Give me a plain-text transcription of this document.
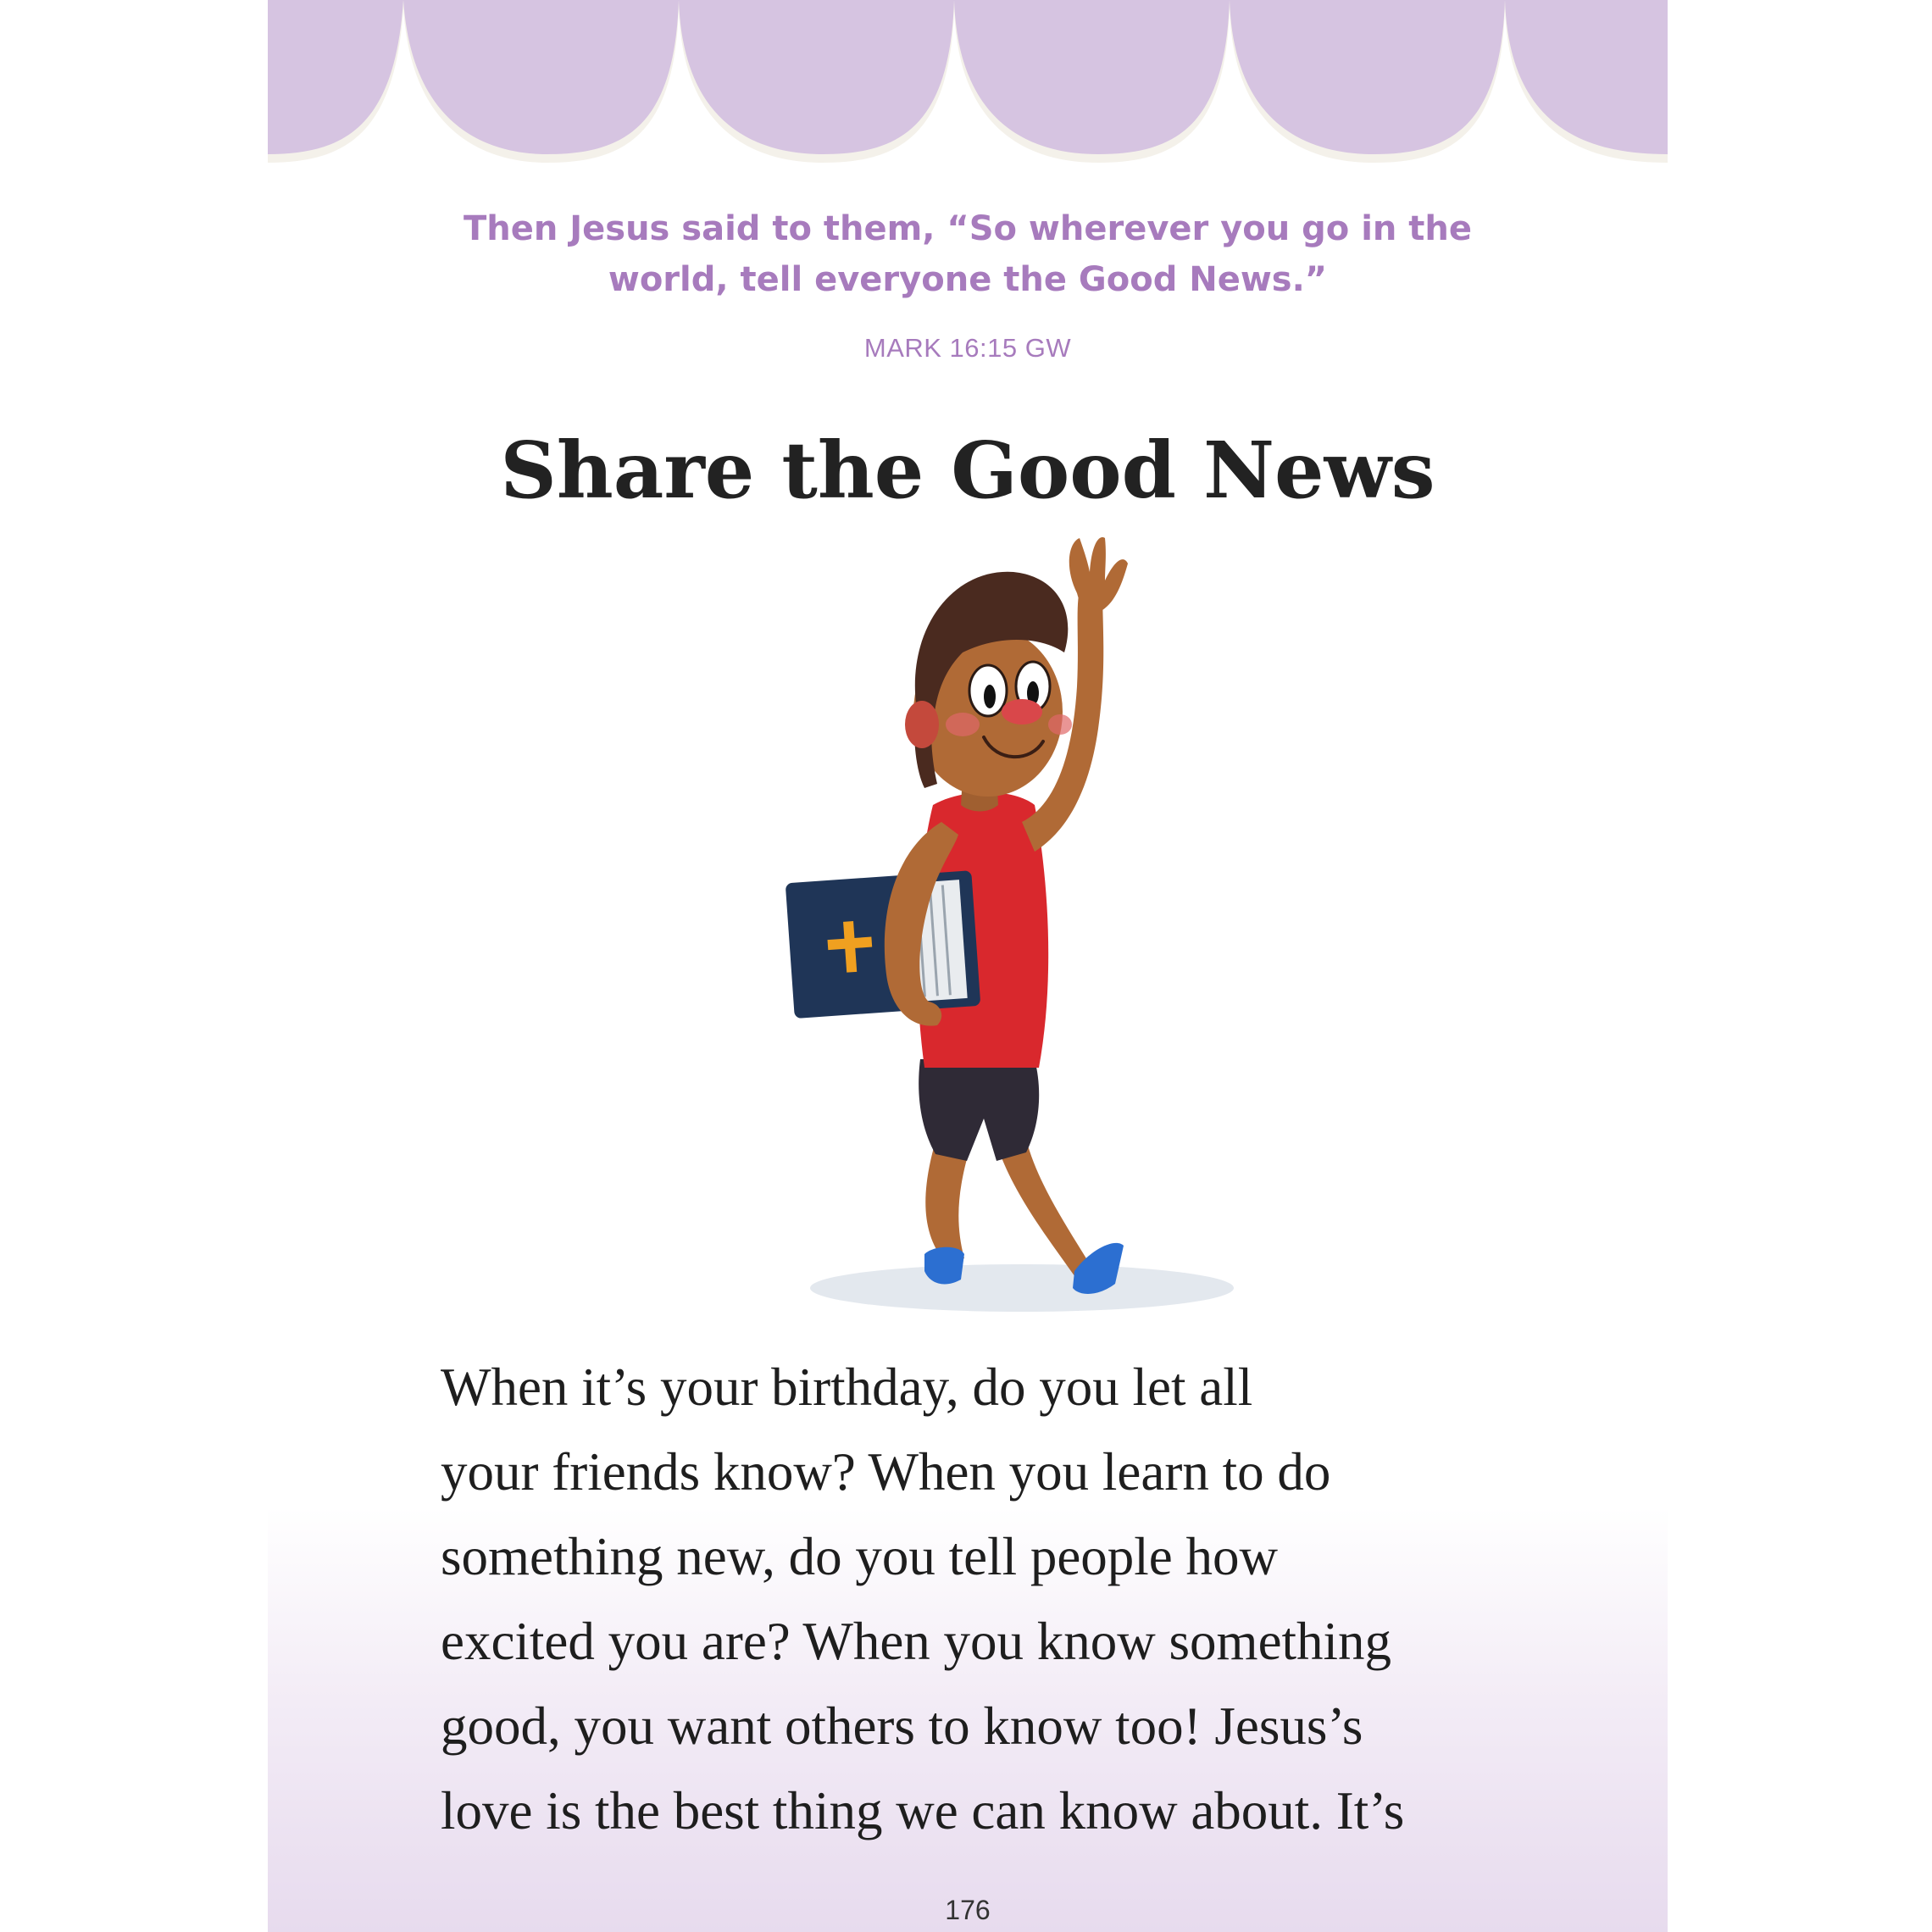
Then Jesus said to them, “So wherever you go in the
world, tell everyone the Good News.”
MARK 16:15 GW
Share the Good News
When it’s your birthday, do you let all
your friends know? When you learn to do
something new, do you tell people how
excited you are? When you know something
good, you want others to know too! Jesus’s
love is the best thing we can know about. It’s
176
